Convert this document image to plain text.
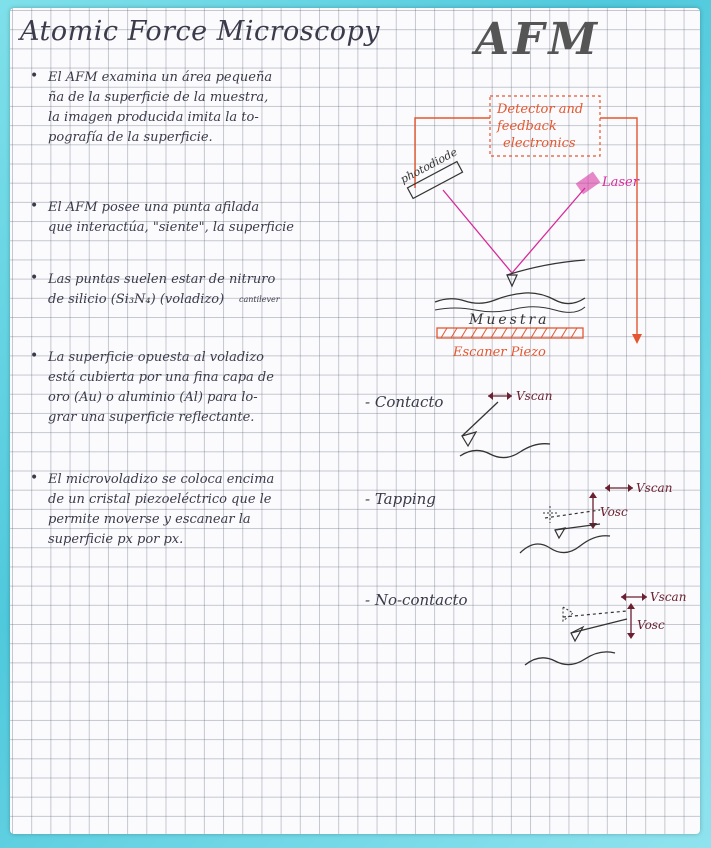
Atomic Force Microscopy AFM
• El AFM examina un área pequeña
ña de la superficie de la muestra,
la imagen producida imita la to-
pografía de la superficie.
• El AFM posee una punta afilada
que interactúa, "siente", la superficie
• Las puntas suelen estar de nitruro
de silicio (Si₃N₄) (voladizo)	cantilever
• La superficie opuesta al voladizo
está cubierta por una fina capa de
oro (Au) o aluminio (Al) para lo-
grar una superficie reflectante.
• El microvoladizo se coloca encima
de un cristal piezoeléctrico que le
permite moverse y escanear la
superficie px por px.
Detector and
feedback
electronics
photodiode	Laser
Muestra
Escaner Piezo
- Contacto	Vscan
- Tapping
Vscan
Vosc
- No-contacto	Vscan
Vosc
